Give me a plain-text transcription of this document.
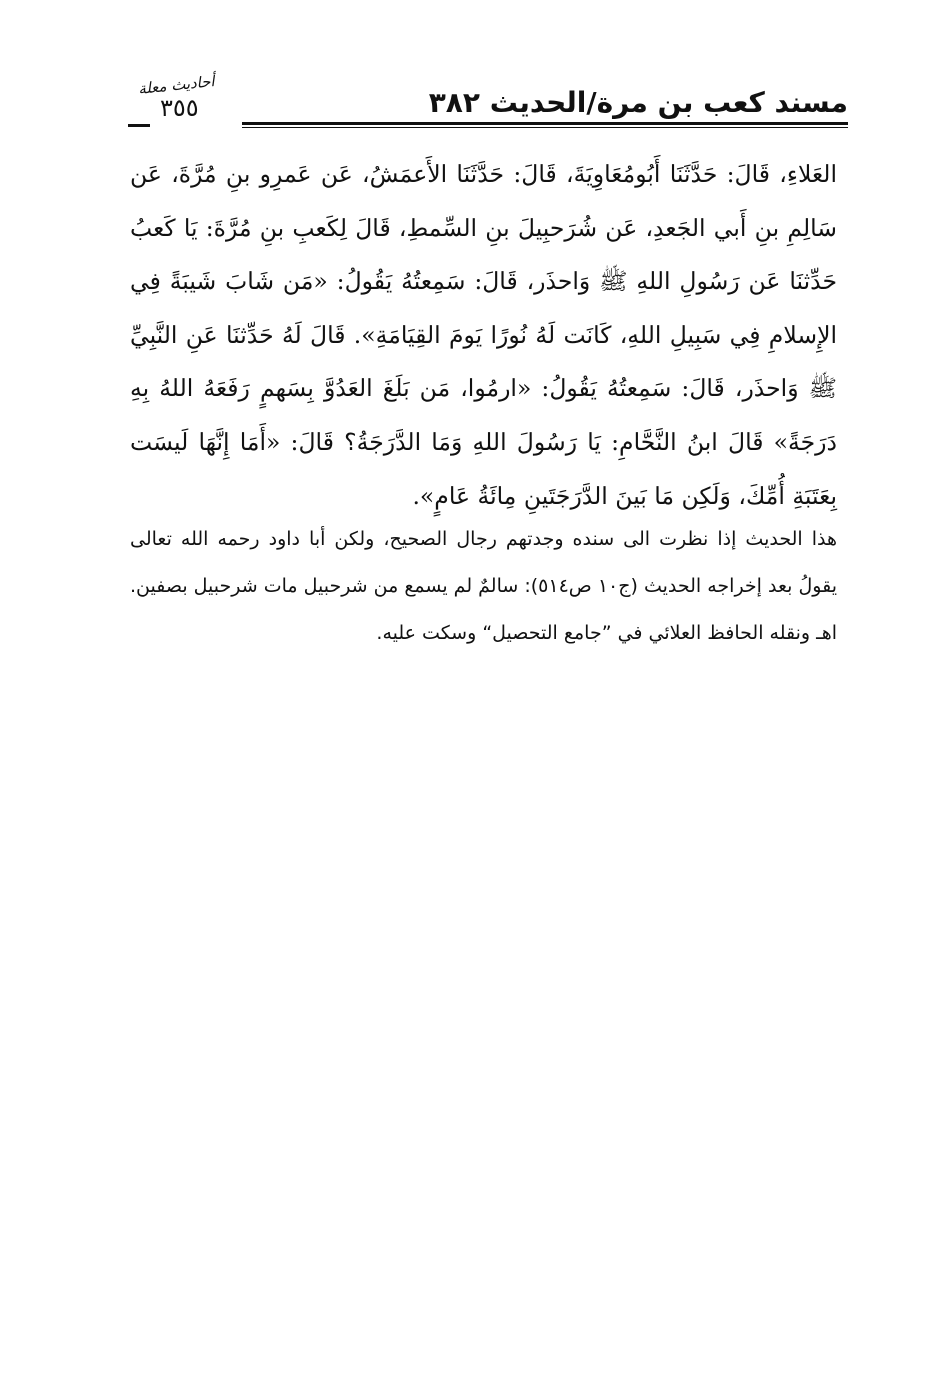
مسند كعب بن مرة/الحديث ٣٨٢
أحاديث معلة
٣٥٥

العَلاءِ، قَالَ: حَدَّثَنَا أَبُومُعَاوِيَةَ، قَالَ: حَدَّثَنَا الأَعمَشُ، عَن عَمرِو بنِ مُرَّةَ، عَن سَالِمِ بنِ أَبي الجَعدِ، عَن شُرَحبِيلَ بنِ السِّمطِ، قَالَ لِكَعبِ بنِ مُرَّةَ: يَا كَعبُ حَدِّثنَا عَن رَسُولِ اللهِ ﷺ وَاحذَر، قَالَ: سَمِعتُهُ يَقُولُ: «مَن شَابَ شَيبَةً فِي الإِسلامِ فِي سَبِيلِ اللهِ، كَانَت لَهُ نُورًا يَومَ القِيَامَةِ». قَالَ لَهُ حَدِّثنَا عَنِ النَّبِيِّ ﷺ وَاحذَر، قَالَ: سَمِعتُهُ يَقُولُ: «ارمُوا، مَن بَلَغَ العَدُوَّ بِسَهمٍ رَفَعَهُ اللهُ بِهِ دَرَجَةً» قَالَ ابنُ النَّحَّامِ: يَا رَسُولَ اللهِ وَمَا الدَّرَجَةُ؟ قَالَ: «أَمَا إِنَّهَا لَيسَت بِعَتَبَةِ أُمِّكَ، وَلَكِن مَا بَينَ الدَّرَجَتَينِ مِائَةُ عَامٍ».

هذا الحديث إذا نظرت الى سنده وجدتهم رجال الصحيح، ولكن أبا داود رحمه الله تعالى يقولُ بعد إخراجه الحديث (ج١٠ ص٥١٤): سالمٌ لم يسمع من شرحبيل مات شرحبيل بصفين. اهـ ونقله الحافظ العلائي في ”جامع التحصيل“ وسكت عليه.
